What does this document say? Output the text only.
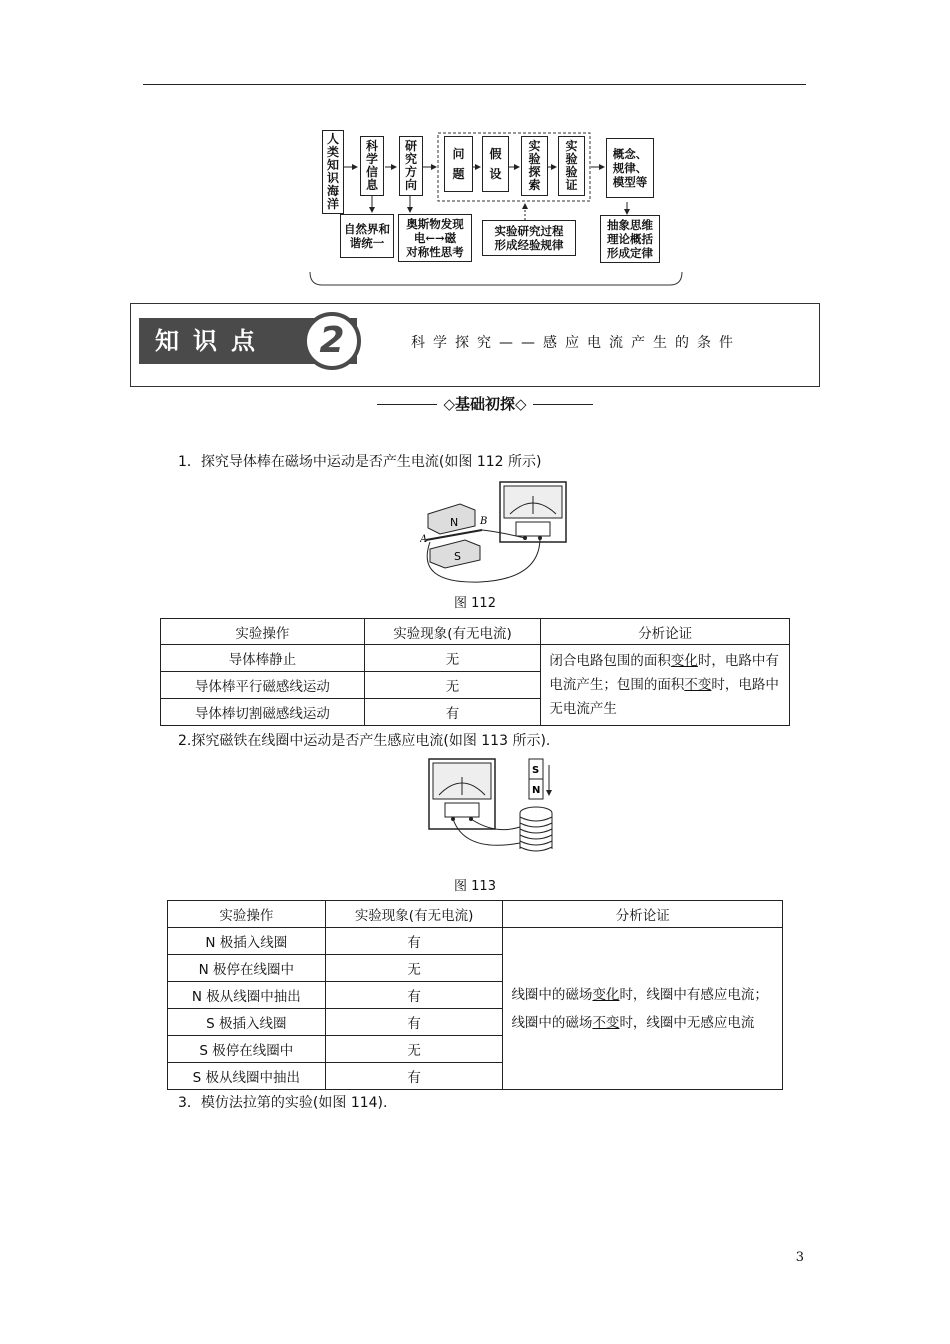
人类知识海洋
科学信息
研究方向
问题
假设
实验探索
实验验证
概念、规律、模型等
自然界和谐统一
奥斯物发现
电←→磁
对称性思考
实验研究过程
形成经验规律
抽象思维
理论概括
形成定律
知识点	2	科学探究——感应电流产生的条件
◇基础初探◇
1．探究导体棒在磁场中运动是否产生电流(如图 112 所示)
N
S
A
B
图 112
实验操作	实验现象(有无电流)	分析论证
导体棒静止	无	闭合电路包围的面积变化时，电路中有电流产生；包围的面积不变时，电路中无电流产生
导体棒平行磁感线运动	无	
导体棒切割磁感线运动	有	
2.探究磁铁在线圈中运动是否产生感应电流(如图 113 所示).
S
N
图 113
实验操作	实验现象(有无电流)	分析论证
N 极插入线圈	有	线圈中的磁场变化时，线圈中有感应电流；线圈中的磁场不变时，线圈中无感应电流
N 极停在线圈中	无	
N 极从线圈中抽出	有	
S 极插入线圈	有	
S 极停在线圈中	无	
S 极从线圈中抽出	有	
3．模仿法拉第的实验(如图 114).
3
